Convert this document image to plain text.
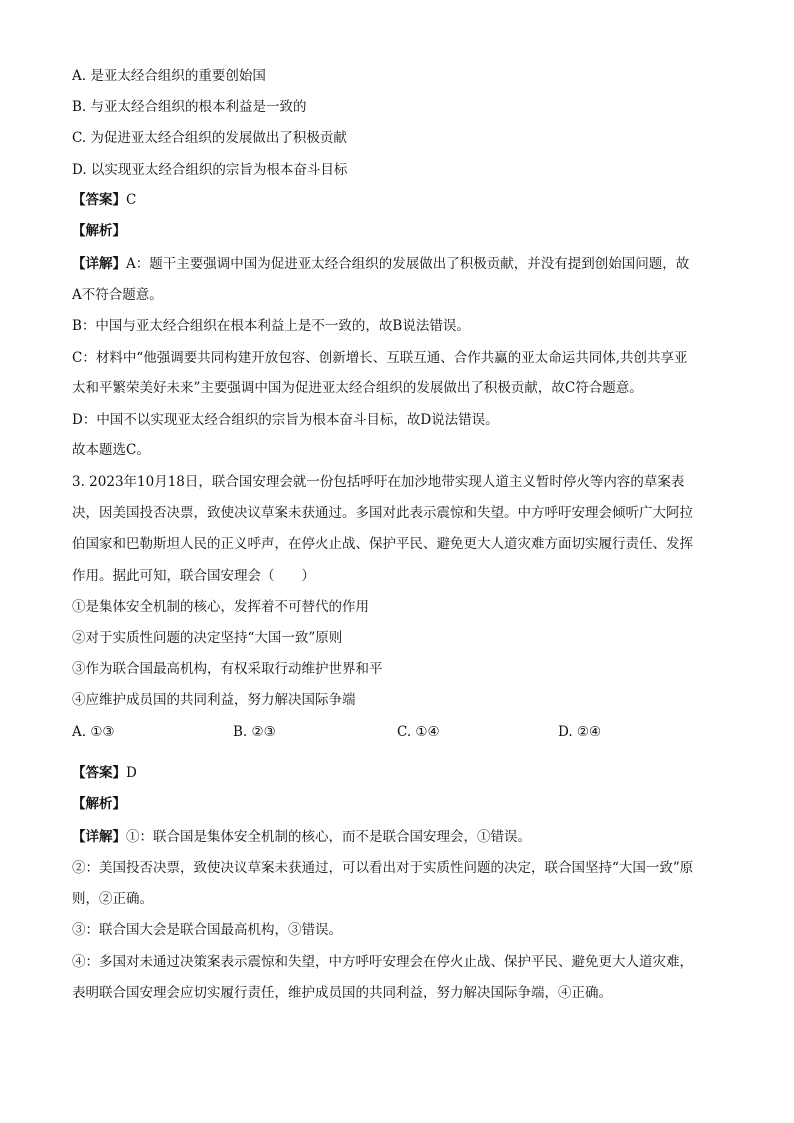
A. 是亚太经合组织的重要创始国
B. 与亚太经合组织的根本利益是一致的
C. 为促进亚太经合组织的发展做出了积极贡献
D. 以实现亚太经合组织的宗旨为根本奋斗目标
【答案】C
【解析】
【详解】A：题干主要强调中国为促进亚太经合组织的发展做出了积极贡献，并没有提到创始国问题，故
A不符合题意。
B：中国与亚太经合组织在根本利益上是不一致的，故B说法错误。
C：材料中“他强调要共同构建开放包容、创新增长、互联互通、合作共赢的亚太命运共同体,共创共享亚
太和平繁荣美好未来”主要强调中国为促进亚太经合组织的发展做出了积极贡献，故C符合题意。
D：中国不以实现亚太经合组织的宗旨为根本奋斗目标，故D说法错误。
故本题选C。
3. 2023年10月18日，联合国安理会就一份包括呼吁在加沙地带实现人道主义暂时停火等内容的草案表
决，因美国投否决票，致使决议草案未获通过。多国对此表示震惊和失望。中方呼吁安理会倾听广大阿拉
伯国家和巴勒斯坦人民的正义呼声，在停火止战、保护平民、避免更大人道灾难方面切实履行责任、发挥
作用。据此可知，联合国安理会（　　）
①是集体安全机制的核心，发挥着不可替代的作用
②对于实质性问题的决定坚持“大国一致”原则
③作为联合国最高机构，有权采取行动维护世界和平
④应维护成员国的共同利益，努力解决国际争端
A. ①③	B. ②③	C. ①④	D. ②④
【答案】D
【解析】
【详解】①：联合国是集体安全机制的核心，而不是联合国安理会，①错误。
②：美国投否决票，致使决议草案未获通过，可以看出对于实质性问题的决定，联合国坚持“大国一致”原
则，②正确。
③：联合国大会是联合国最高机构，③错误。
④：多国对未通过决策案表示震惊和失望，中方呼吁安理会在停火止战、保护平民、避免更大人道灾难，
表明联合国安理会应切实履行责任，维护成员国的共同利益，努力解决国际争端，④正确。
